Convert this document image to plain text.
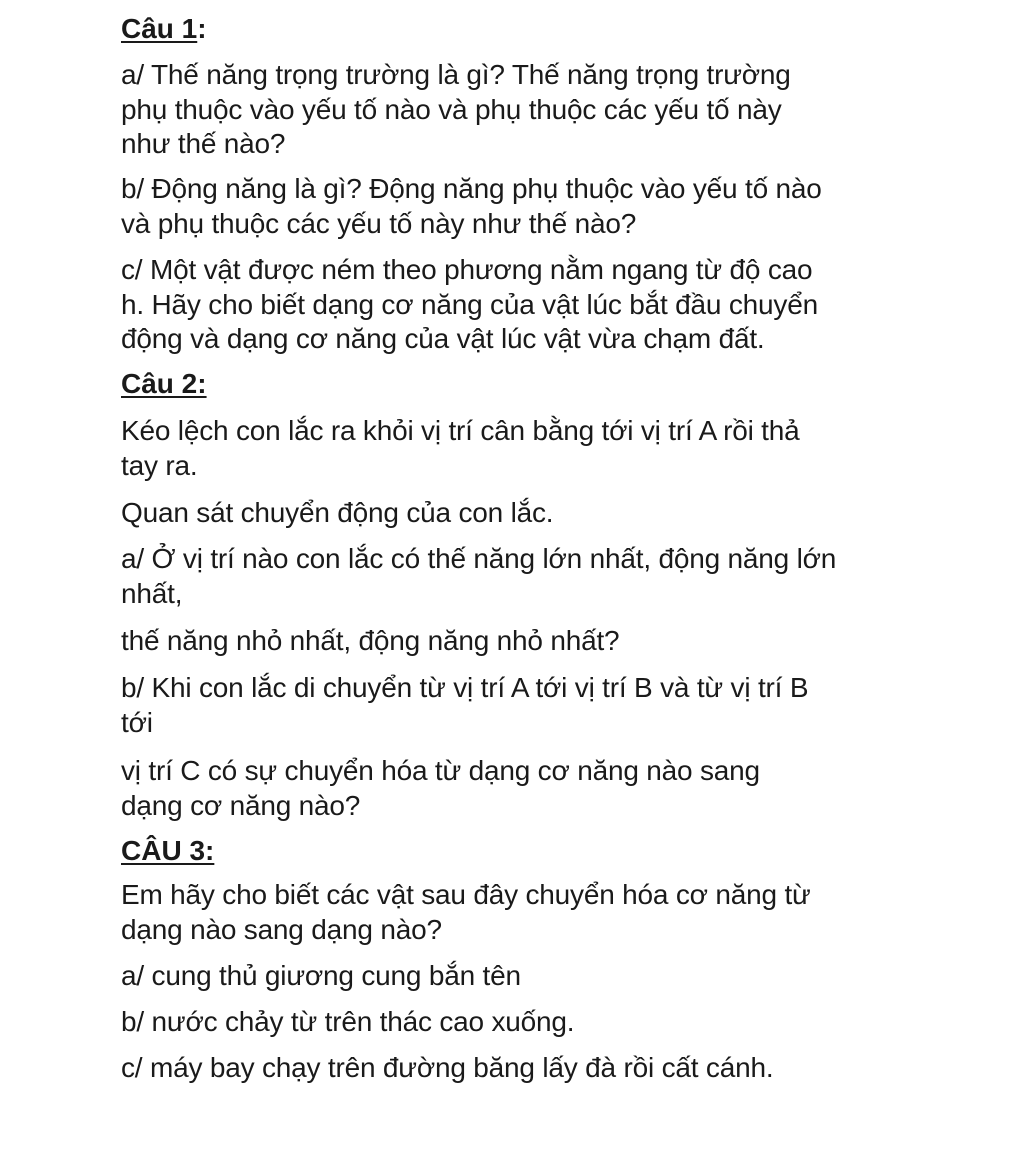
Câu 1:

a/ Thế năng trọng trường là gì? Thế năng trọng trường
phụ thuộc vào yếu tố nào và phụ thuộc các yếu tố này
như thế nào?

b/ Động năng là gì? Động năng phụ thuộc vào yếu tố nào
và phụ thuộc các yếu tố này như thế nào?

c/ Một vật được ném theo phương nằm ngang từ độ cao
h. Hãy cho biết dạng cơ năng của vật lúc bắt đầu chuyển
động và dạng cơ năng của vật lúc vật vừa chạm đất.

Câu 2:

Kéo lệch con lắc ra khỏi vị trí cân bằng tới vị trí A rồi thả
tay ra.

Quan sát chuyển động của con lắc.

a/ Ở vị trí nào con lắc có thế năng lớn nhất, động năng lớn
nhất,

thế năng nhỏ nhất, động năng nhỏ nhất?

b/ Khi con lắc di chuyển từ vị trí A tới vị trí B và từ vị trí B
tới

vị trí C có sự chuyển hóa từ dạng cơ năng nào sang
dạng cơ năng nào?

CÂU 3:

Em hãy cho biết các vật sau đây chuyển hóa cơ năng từ
dạng nào sang dạng nào?

a/ cung thủ giương cung bắn tên

b/ nước chảy từ trên thác cao xuống.

c/ máy bay chạy trên đường băng lấy đà rồi cất cánh.
